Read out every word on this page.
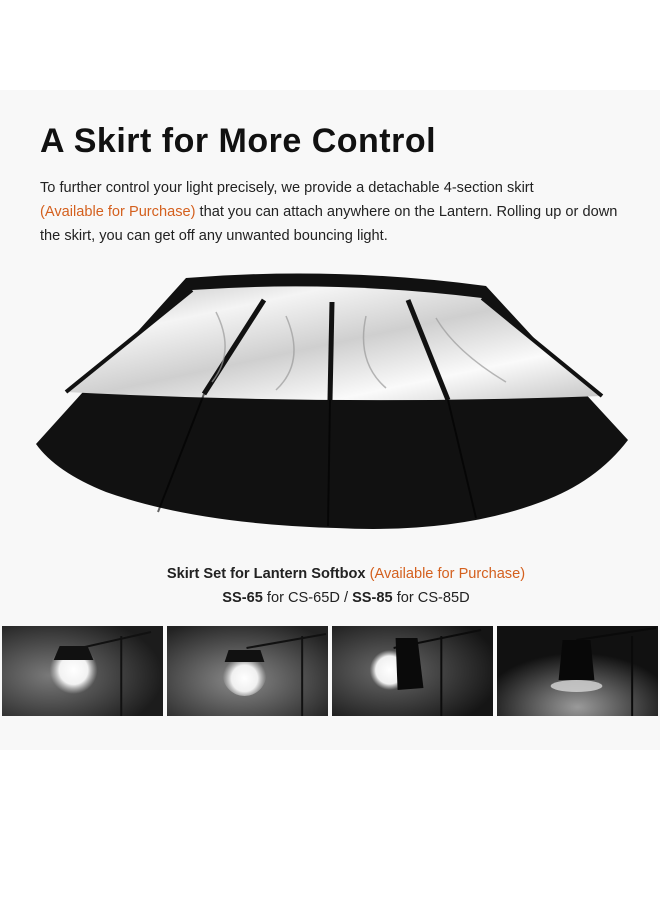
A Skirt for More Control

To further control your light precisely, we provide a detachable 4-section skirt
(Available for Purchase) that you can attach anywhere on the Lantern. Rolling up or down the skirt, you can get off any unwanted bouncing light.

Skirt Set for Lantern Softbox (Available for Purchase)
SS-65 for CS-65D / SS-85 for CS-85D
